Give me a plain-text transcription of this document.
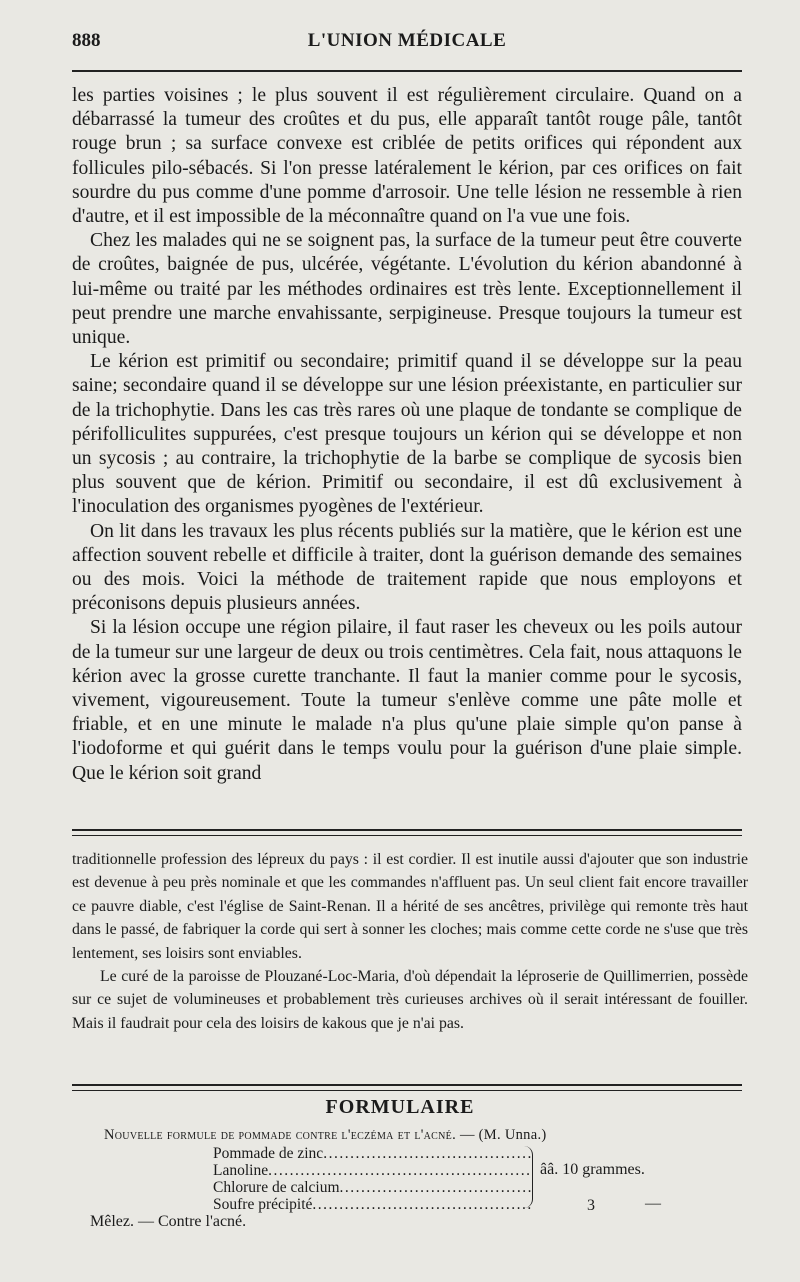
888	L'UNION MÉDICALE

les parties voisines ; le plus souvent il est régulièrement circulaire. Quand on a débarrassé la tumeur des croûtes et du pus, elle apparaît tantôt rouge pâle, tantôt rouge brun ; sa surface convexe est criblée de petits orifices qui répondent aux follicules pilo-sébacés. Si l'on presse latéralement le kérion, par ces orifices on fait sourdre du pus comme d'une pomme d'arrosoir. Une telle lésion ne ressemble à rien d'autre, et il est impossible de la méconnaître quand on l'a vue une fois.

Chez les malades qui ne se soignent pas, la surface de la tumeur peut être couverte de croûtes, baignée de pus, ulcérée, végétante. L'évolution du kérion abandonné à lui-même ou traité par les méthodes ordinaires est très lente. Exceptionnellement il peut prendre une marche envahissante, serpigineuse. Presque toujours la tumeur est unique.

Le kérion est primitif ou secondaire; primitif quand il se développe sur la peau saine; secondaire quand il se développe sur une lésion préexistante, en particulier sur de la trichophytie. Dans les cas très rares où une plaque de tondante se complique de périfolliculites suppurées, c'est presque toujours un kérion qui se développe et non un sycosis ; au contraire, la trichophytie de la barbe se complique de sycosis bien plus souvent que de kérion. Primitif ou secondaire, il est dû exclusivement à l'inoculation des organismes pyogènes de l'extérieur.

On lit dans les travaux les plus récents publiés sur la matière, que le kérion est une affection souvent rebelle et difficile à traiter, dont la guérison demande des semaines ou des mois. Voici la méthode de traitement rapide que nous employons et préconisons depuis plusieurs années.

Si la lésion occupe une région pilaire, il faut raser les cheveux ou les poils autour de la tumeur sur une largeur de deux ou trois centimètres. Cela fait, nous attaquons le kérion avec la grosse curette tranchante. Il faut la manier comme pour le sycosis, vivement, vigoureusement. Toute la tumeur s'enlève comme une pâte molle et friable, et en une minute le malade n'a plus qu'une plaie simple qu'on panse à l'iodoforme et qui guérit dans le temps voulu pour la guérison d'une plaie simple. Que le kérion soit grand

traditionnelle profession des lépreux du pays : il est cordier. Il est inutile aussi d'ajouter que son industrie est devenue à peu près nominale et que les commandes n'affluent pas. Un seul client fait encore travailler ce pauvre diable, c'est l'église de Saint-Renan. Il a hérité de ses ancêtres, privilège qui remonte très haut dans le passé, de fabriquer la corde qui sert à sonner les cloches; mais comme cette corde ne s'use que très lentement, ses loisirs sont enviables.

Le curé de la paroisse de Plouzané-Loc-Maria, d'où dépendait la léproserie de Quillimerrien, possède sur ce sujet de volumineuses et probablement très curieuses archives où il serait intéressant de fouiller. Mais il faudrait pour cela des loisirs de kakous que je n'ai pas.

FORMULAIRE
Nouvelle formule de pommade contre l'eczéma et l'acné. — (M. Unna.)
Pommade de zinc
.....
Lanoline
.....
Chlorure de calcium
.....
Soufre précipité
.....
ââ. 10 grammes.
3	—
Mêlez. — Contre l'acné.
